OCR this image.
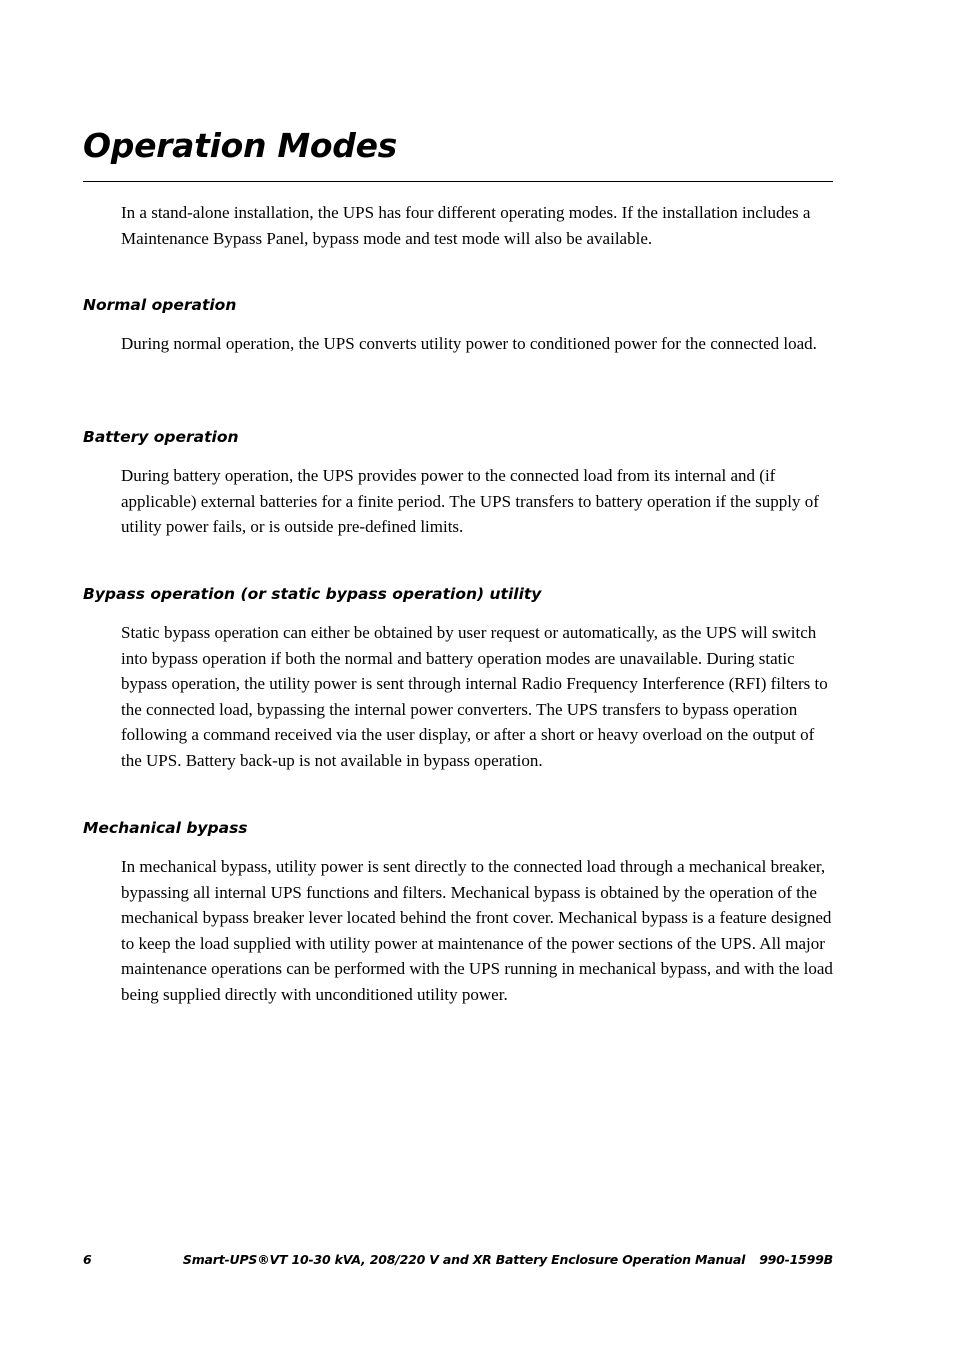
Operation Modes

In a stand-alone installation, the UPS has four different operating modes. If the installation includes a Maintenance Bypass Panel, bypass mode and test mode will also be available.

Normal operation

During normal operation, the UPS converts utility power to conditioned power for the connected load.

Battery operation

During battery operation, the UPS provides power to the connected load from its internal and (if applicable) external batteries for a finite period. The UPS transfers to battery operation if the supply of utility power fails, or is outside pre-defined limits.

Bypass operation (or static bypass operation) utility

Static bypass operation can either be obtained by user request or automatically, as the UPS will switch into bypass operation if both the normal and battery operation modes are unavailable. During static bypass operation, the utility power is sent through internal Radio Frequency Interference (RFI) filters to the connected load, bypassing the internal power converters. The UPS transfers to bypass operation following a command received via the user display, or after a short or heavy overload on the output of the UPS. Battery back-up is not available in bypass operation.

Mechanical bypass

In mechanical bypass, utility power is sent directly to the connected load through a mechanical breaker, bypassing all internal UPS functions and filters. Mechanical bypass is obtained by the operation of the mechanical bypass breaker lever located behind the front cover. Mechanical bypass is a feature designed to keep the load supplied with utility power at maintenance of the power sections of the UPS. All major maintenance operations can be performed with the UPS running in mechanical bypass, and with the load being supplied directly with unconditioned utility power.

6	Smart-UPS®VT 10-30 kVA, 208/220 V and XR Battery Enclosure Operation Manual 990-1599B
